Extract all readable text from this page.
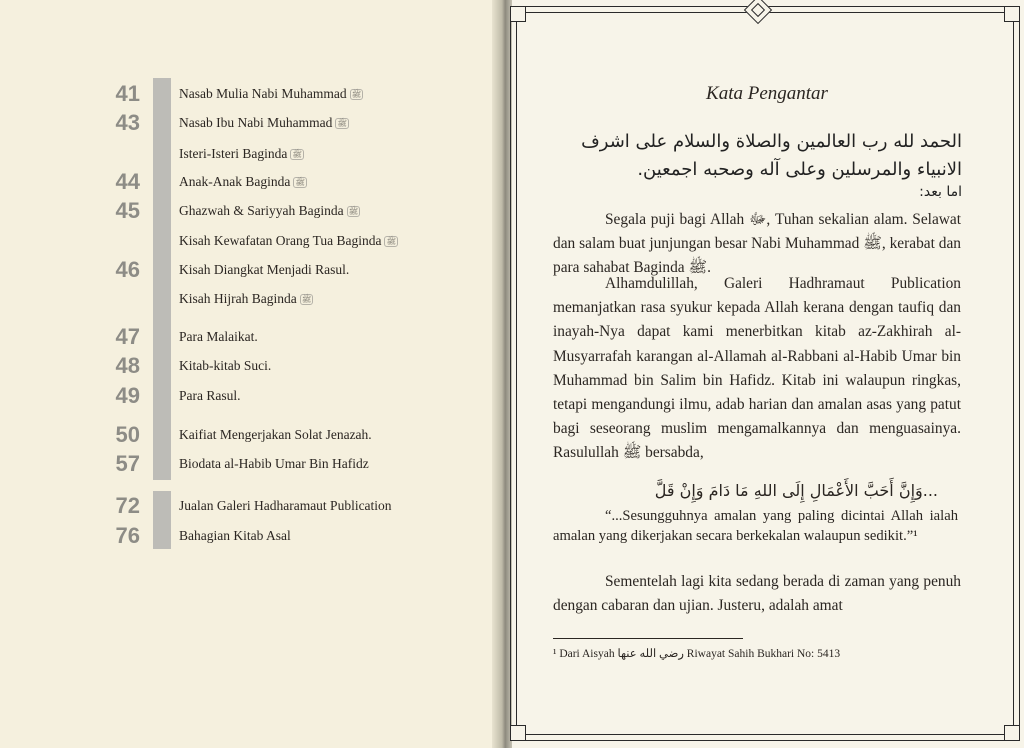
41	Nasab Mulia Nabi Muhammad ﷺ
43	Nasab Ibu Nabi Muhammad ﷺ
Isteri-Isteri Baginda ﷺ
44	Anak-Anak Baginda ﷺ
45	Ghazwah & Sariyyah Baginda ﷺ
Kisah Kewafatan Orang Tua Baginda ﷺ
46	Kisah Diangkat Menjadi Rasul.
Kisah Hijrah Baginda ﷺ
47	Para Malaikat.
48	Kitab-kitab Suci.
49	Para Rasul.
50	Kaifiat Mengerjakan Solat Jenazah.
57	Biodata al-Habib Umar Bin Hafidz
72	Jualan Galeri Hadharamaut Publication
76	Bahagian Kitab Asal
Kata Pengantar
الحمد لله رب العالمين والصلاة والسلام على اشرف الانبياء والمرسلين وعلى آله وصحبه اجمعين.
اما بعد:
Segala puji bagi Allah ﷻ, Tuhan sekalian alam. Selawat dan salam buat junjungan besar Nabi Muhammad ﷺ, kerabat dan para sahabat Baginda ﷺ.
Alhamdulillah, Galeri Hadhramaut Publication memanjatkan rasa syukur kepada Allah kerana dengan taufiq dan inayah-Nya dapat kami menerbitkan kitab az-Zakhirah al-Musyarrafah karangan al-Allamah al-Rabbani al-Habib Umar bin Muhammad bin Salim bin Hafidz. Kitab ini walaupun ringkas, tetapi mengandungi ilmu, adab harian dan amalan asas yang patut bagi seseorang muslim mengamalkannya dan menguasainya. Rasulullah ﷺ bersabda,
...وَإِنَّ أَحَبَّ الأَعْمَالِ إِلَى اللهِ مَا دَامَ وَإِنْ قَلَّ
“...Sesungguhnya amalan yang paling dicintai Allah ialah amalan yang dikerjakan secara berkekalan walaupun sedikit.”¹
Sementelah lagi kita sedang berada di zaman yang penuh dengan cabaran dan ujian. Justeru, adalah amat
¹ Dari Aisyah رضي الله عنها Riwayat Sahih Bukhari No: 5413
